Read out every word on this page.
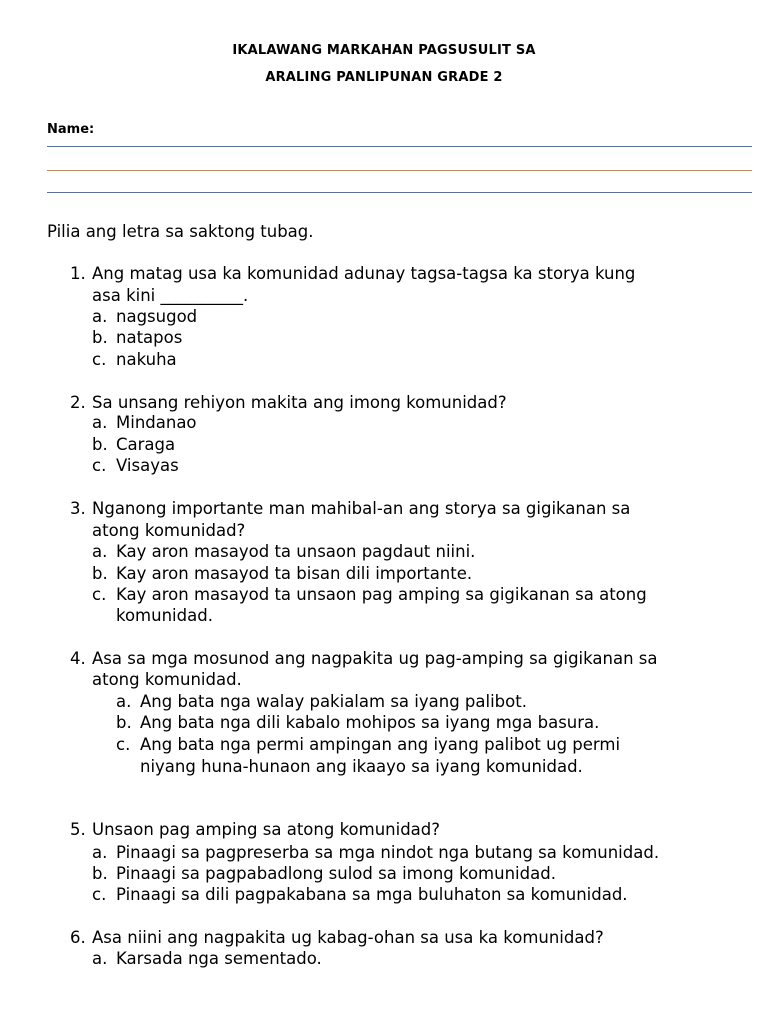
IKALAWANG MARKAHAN PAGSUSULIT SA
ARALING PANLIPUNAN GRADE 2
Name:
Pilia ang letra sa saktong tubag.
1. Ang matag usa ka komunidad adunay tagsa-tagsa ka storya kung
asa kini __________.
a. nagsugod
b. natapos
c. nakuha
2. Sa unsang rehiyon makita ang imong komunidad?
a. Mindanao
b. Caraga
c. Visayas
3. Nganong importante man mahibal-an ang storya sa gigikanan sa
atong komunidad?
a. Kay aron masayod ta unsaon pagdaut niini.
b. Kay aron masayod ta bisan dili importante.
c. Kay aron masayod ta unsaon pag amping sa gigikanan sa atong
komunidad.
4. Asa sa mga mosunod ang nagpakita ug pag-amping sa gigikanan sa
atong komunidad.
a. Ang bata nga walay pakialam sa iyang palibot.
b. Ang bata nga dili kabalo mohipos sa iyang mga basura.
c. Ang bata nga permi ampingan ang iyang palibot ug permi
niyang huna-hunaon ang ikaayo sa iyang komunidad.
5. Unsaon pag amping sa atong komunidad?
a. Pinaagi sa pagpreserba sa mga nindot nga butang sa komunidad.
b. Pinaagi sa pagpabadlong sulod sa imong komunidad.
c. Pinaagi sa dili pagpakabana sa mga buluhaton sa komunidad.
6. Asa niini ang nagpakita ug kabag-ohan sa usa ka komunidad?
a. Karsada nga sementado.
